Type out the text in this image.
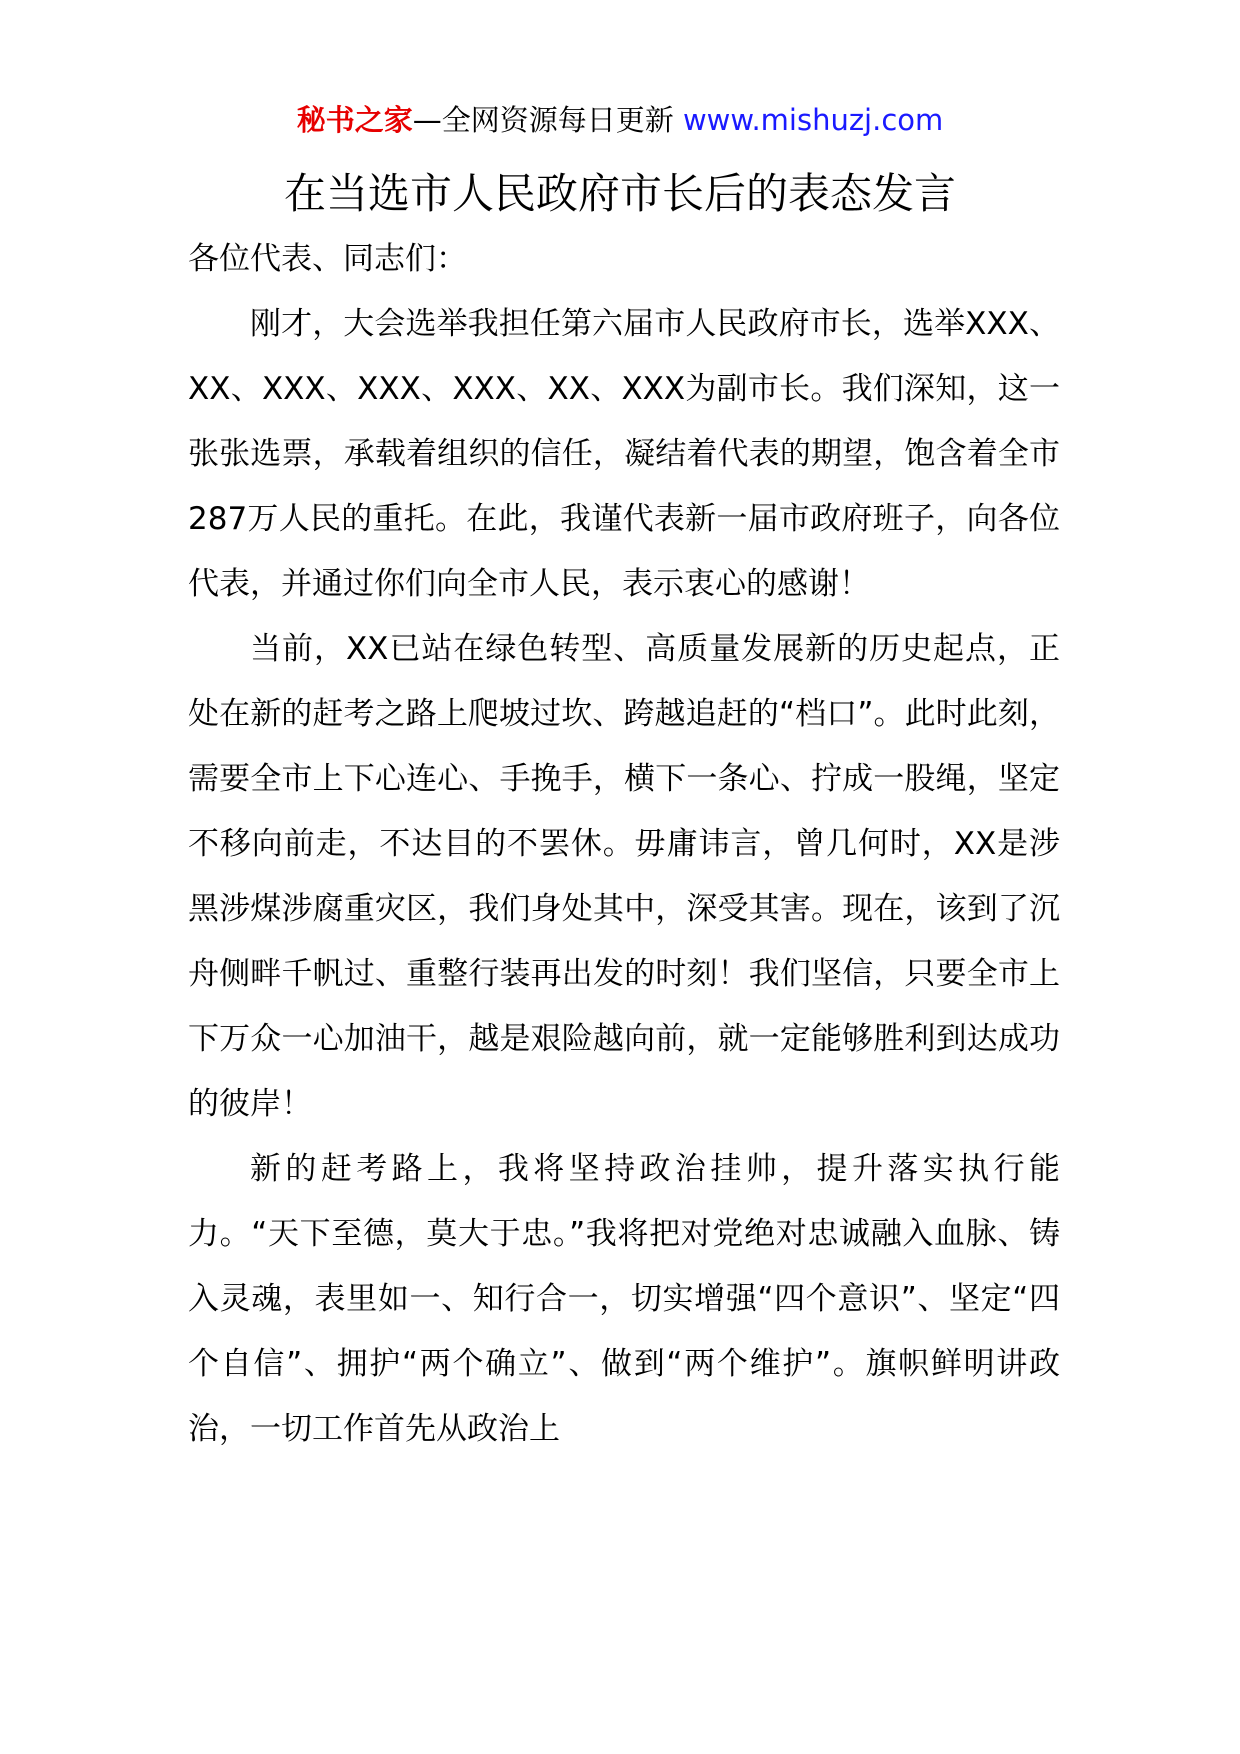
秘书之家—全网资源每日更新 www.mishuzj.com
在当选市人民政府市长后的表态发言

各位代表、同志们：

刚才，大会选举我担任第六届市人民政府市长，选举XXX、XX、XXX、XXX、XXX、XX、XXX为副市长。我们深知，这一张张选票，承载着组织的信任，凝结着代表的期望，饱含着全市287万人民的重托。在此，我谨代表新一届市政府班子，向各位代表，并通过你们向全市人民，表示衷心的感谢！

当前，XX已站在绿色转型、高质量发展新的历史起点，正处在新的赶考之路上爬坡过坎、跨越追赶的“档口”。此时此刻，需要全市上下心连心、手挽手，横下一条心、拧成一股绳，坚定不移向前走，不达目的不罢休。毋庸讳言，曾几何时，XX是涉黑涉煤涉腐重灾区，我们身处其中，深受其害。现在，该到了沉舟侧畔千帆过、重整行装再出发的时刻！我们坚信，只要全市上下万众一心加油干，越是艰险越向前，就一定能够胜利到达成功的彼岸！

新的赶考路上，我将坚持政治挂帅，提升落实执行能力。“天下至德，莫大于忠。”我将把对党绝对忠诚融入血脉、铸入灵魂，表里如一、知行合一，切实增强“四个意识”、坚定“四个自信”、拥护“两个确立”、做到“两个维护”。旗帜鲜明讲政治，一切工作首先从政治上
